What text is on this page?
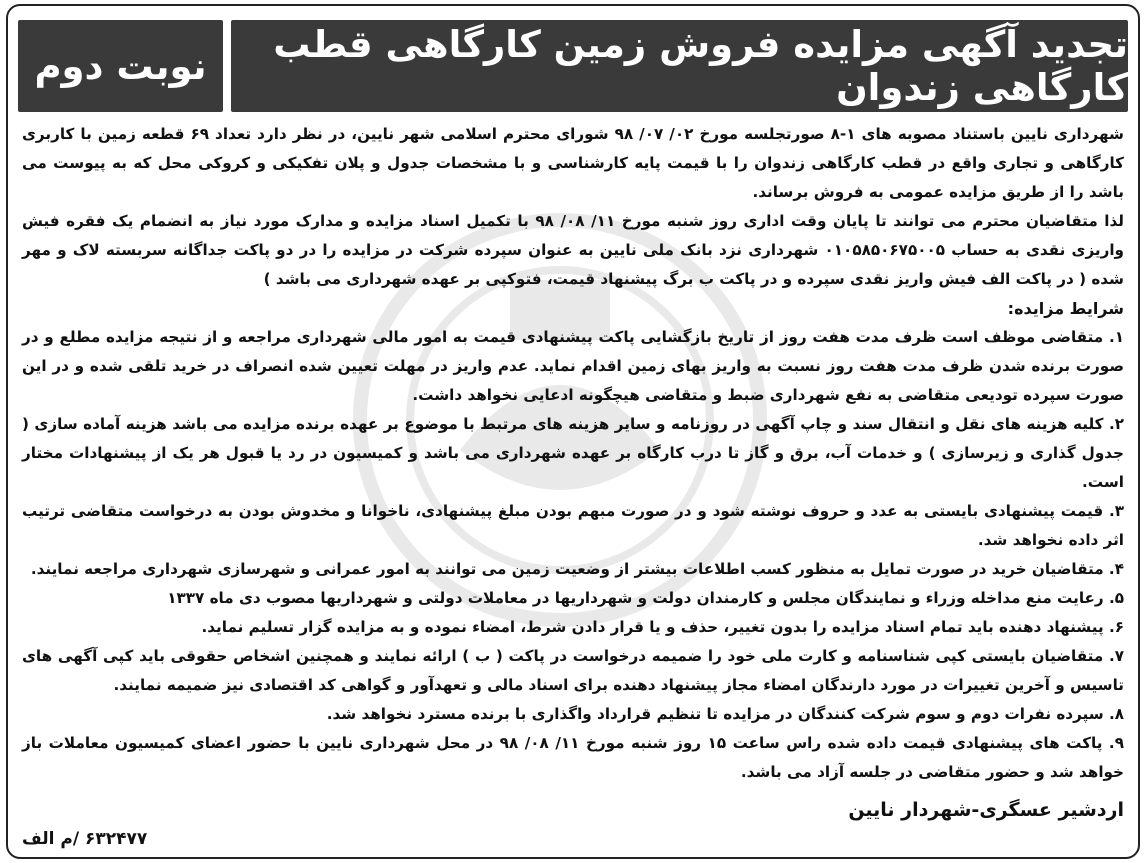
تجدید آگهی مزایده فروش زمین کارگاهی قطب کارگاهی زندوان
نوبت دوم

شهرداری نایین باستناد مصوبه های ۱-۸ صورتجلسه مورخ ۰۲/ ۰۷/ ۹۸ شورای محترم اسلامی شهر نایین، در نظر دارد تعداد ۶۹ قطعه زمین با کاربری کارگاهی و تجاری واقع در قطب کارگاهی زندوان را با قیمت پایه کارشناسی و با مشخصات جدول و پلان تفکیکی و کروکی محل که به پیوست می باشد را از طریق مزایده عمومی به فروش برساند.

لذا متقاضیان محترم می توانند تا پایان وقت اداری روز شنبه مورخ ۱۱/ ۰۸/ ۹۸ با تکمیل اسناد مزایده و مدارک مورد نیاز به انضمام یک فقره فیش واریزی نقدی به حساب ۰۱۰۵۸۵۰۶۷۵۰۰۵ شهرداری نزد بانک ملی نایین به عنوان سپرده شرکت در مزایده را در دو پاکت جداگانه سربسته لاک و مهر شده ( در پاکت الف فیش واریز نقدی سپرده و در پاکت ب برگ پیشنهاد قیمت، فتوکپی بر عهده شهرداری می باشد )

شرایط مزایده:

۱. متقاضی موظف است ظرف مدت هفت روز از تاریخ بازگشایی پاکت پیشنهادی قیمت به امور مالی شهرداری مراجعه و از نتیجه مزایده مطلع و در صورت برنده شدن ظرف مدت هفت روز نسبت به واریز بهای زمین اقدام نماید. عدم واریز در مهلت تعیین شده انصراف در خرید تلقی شده و در این صورت سپرده تودیعی متقاضی به نفع شهرداری ضبط و متقاضی هیچگونه ادعایی نخواهد داشت.

۲. کلیه هزینه های نقل و انتقال سند و چاپ آگهی در روزنامه و سایر هزینه های مرتبط با موضوع بر عهده برنده مزایده می باشد هزینه آماده سازی ( جدول گذاری و زیرسازی ) و خدمات آب، برق و گاز تا درب کارگاه بر عهده شهرداری می باشد و کمیسیون در رد یا قبول هر یک از پیشنهادات مختار است.

۳. قیمت پیشنهادی بایستی به عدد و حروف نوشته شود و در صورت مبهم بودن مبلغ پیشنهادی، ناخوانا و مخدوش بودن به درخواست متقاضی ترتیب اثر داده نخواهد شد.

۴. متقاضیان خرید در صورت تمایل به منظور کسب اطلاعات بیشتر از وضعیت زمین می توانند به امور عمرانی و شهرسازی شهرداری مراجعه نمایند.

۵. رعایت منع مداخله وزراء و نمایندگان مجلس و کارمندان دولت و شهرداریها در معاملات دولتی و شهرداریها مصوب دی ماه ۱۳۳۷

۶. پیشنهاد دهنده باید تمام اسناد مزایده را بدون تغییر، حذف و یا قرار دادن شرط، امضاء نموده و به مزایده گزار تسلیم نماید.

۷. متقاضیان بایستی کپی شناسنامه و کارت ملی خود را ضمیمه درخواست در پاکت ( ب ) ارائه نمایند و همچنین اشخاص حقوقی باید کپی آگهی های تاسیس و آخرین تغییرات در مورد دارندگان امضاء مجاز پیشنهاد دهنده برای اسناد مالی و تعهدآور و گواهی کد اقتصادی نیز ضمیمه نمایند.

۸. سپرده نفرات دوم و سوم شرکت کنندگان در مزایده تا تنظیم قرارداد واگذاری با برنده مسترد نخواهد شد.

۹. پاکت های پیشنهادی قیمت داده شده راس ساعت ۱۵ روز شنبه مورخ ۱۱/ ۰۸/ ۹۸ در محل شهرداری نایین با حضور اعضای کمیسیون معاملات باز خواهد شد و حضور متقاضی در جلسه آزاد می باشد.

اردشیر عسگری-شهردار نایین
۶۳۲۴۷۷ /م الف
